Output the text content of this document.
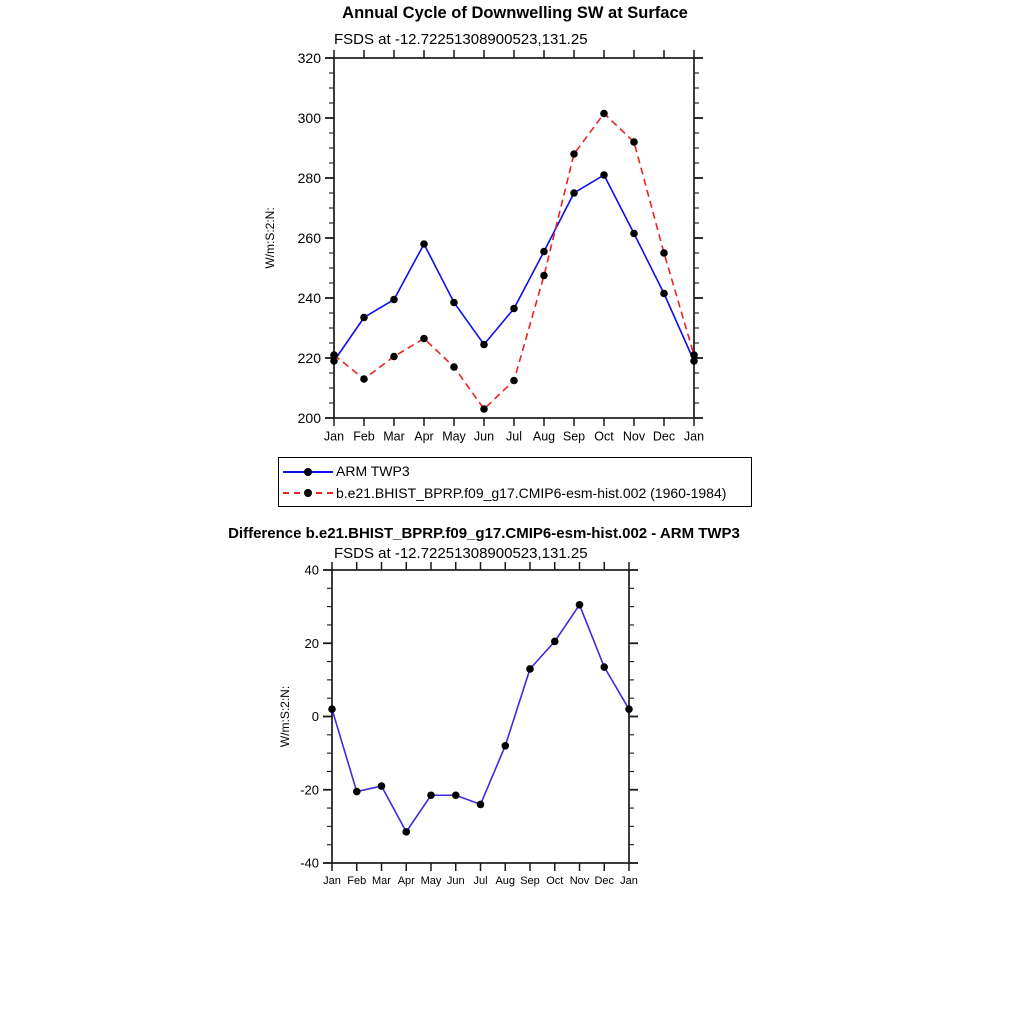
Annual Cycle of Downwelling SW at Surface
FSDS at -12.72251308900523,131.25
ARM TWP3
b.e21.BHIST_BPRP.f09_g17.CMIP6-esm-hist.002 (1960-1984)
Difference b.e21.BHIST_BPRP.f09_g17.CMIP6-esm-hist.002 - ARM TWP3
FSDS at -12.72251308900523,131.25
200
220
240
260
280
300
320
Jan Feb Mar Apr May Jun Jul Aug Sep Oct Nov Dec Jan
W/m:S:2:N:
-40
-20
0
20
40
Jan Feb Mar Apr May Jun Jul Aug Sep Oct Nov Dec Jan
W/m:S:2:N:
